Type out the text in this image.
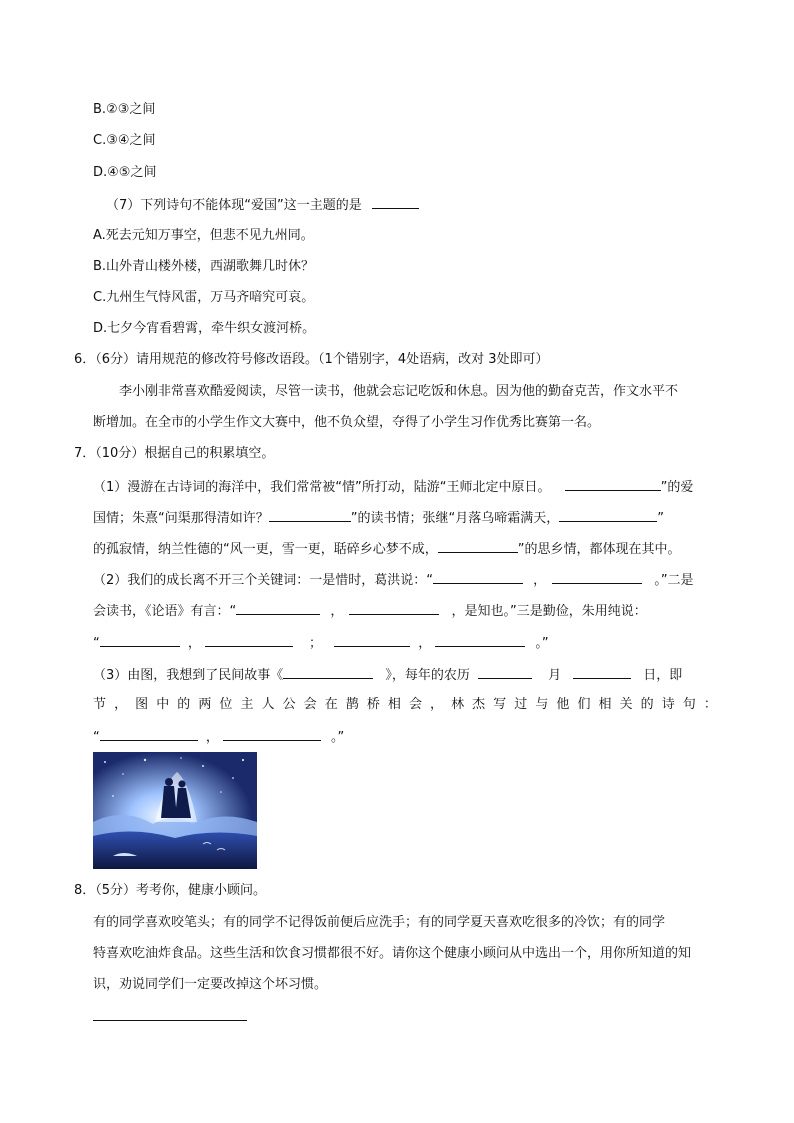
B.②③之间
C.③④之间
D.④⑤之间
（7）下列诗句不能体现“爱国”这一主题的是
A.死去元知万事空，但悲不见九州同。
B.山外青山楼外楼，西湖歌舞几时休？
C.九州生气恃风雷，万马齐喑究可哀。
D.七夕今宵看碧霄，牵牛织女渡河桥。
6．（6分）请用规范的修改符号修改语段。（1个错别字，4处语病，改对 3处即可）
李小刚非常喜欢酷爱阅读，尽管一读书，他就会忘记吃饭和休息。因为他的勤奋克苦，作文水平不
断增加。在全市的小学生作文大赛中，他不负众望，夺得了小学生习作优秀比赛第一名。
7．（10分）根据自己的积累填空。
（1）漫游在古诗词的海洋中，我们常常被“情”所打动，陆游“王师北定中原日。	”的爱
国情；朱熹“问渠那得清如许？	”的读书情；张继“月落乌啼霜满天，	”
的孤寂情，纳兰性德的“风一更，雪一更，聒碎乡心梦不成，	”的思乡情，都体现在其中。
（2）我们的成长离不开三个关键词：一是惜时，葛洪说：“	，	。”二是
会读书，《论语》有言：“	，	，是知也。”三是勤俭，朱用纯说：
“	，	；	，	。”
（3）由图，我想到了民间故事《	》，每年的农历	月	日，即
节 ， 图 中 的 两 位 主 人 公 会 在 鹊 桥 相 会 ， 林 杰 写 过 与 他 们 相 关 的 诗 句 ：
“	，	。”
8．（5分）考考你，健康小顾问。
有的同学喜欢咬笔头；有的同学不记得饭前便后应洗手；有的同学夏天喜欢吃很多的冷饮；有的同学
特喜欢吃油炸食品。这些生活和饮食习惯都很不好。请你这个健康小顾问从中选出一个，用你所知道的知
识，劝说同学们一定要改掉这个坏习惯。
